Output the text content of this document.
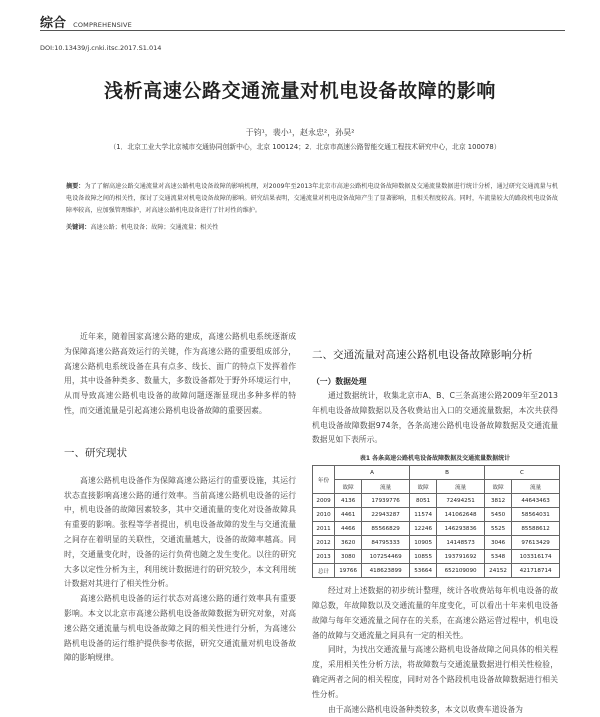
综合 COMPREHENSIVE
DOI:10.13439/j.cnki.itsc.2017.S1.014
浅析高速公路交通流量对机电设备故障的影响
于钧¹，裴小¹，赵永忠²，孙昊²
（1．北京工业大学北京城市交通协同创新中心，北京 100124；2．北京市高速公路智能交通工程技术研究中心，北京 100078）
摘要：为了了解高速公路交通流量对高速公路机电设备故障的影响机理，对2009年至2013年北京市高速公路机电设备故障数据及交通流量数据进行统计分析，通过研究交通流量与机电设备故障之间的相关性，探讨了交通流量对机电设备故障的影响。研究结果表明，交通流量对机电设备故障产生了显著影响，且相关程度较高。同时，车流量较大的路段机电设备故障率较高，应加强管理维护，对高速公路机电设备进行了针对性的维护。
关键词：高速公路；机电设备；故障；交通流量；相关性

近年来，随着国家高速公路的建成，高速公路机电系统逐渐成为保障高速公路高效运行的关键，作为高速公路的重要组成部分，高速公路机电系统设备在具有点多、线长、面广的特点下发挥着作用，其中设备种类多、数量大，多数设备都处于野外环境运行中，从而导致高速公路机电设备的故障问题逐渐显现出多种多样的特性，而交通流量是引起高速公路机电设备故障的重要因素。

一、研究现状

高速公路机电设备作为保障高速公路运行的重要设施，其运行状态直接影响高速公路的通行效率。当前高速公路机电设备的运行中，机电设备的故障因素较多，其中交通流量的变化对设备故障具有重要的影响。张程等学者提出，机电设备故障的发生与交通流量之间存在着明显的关联性，交通流量越大，设备的故障率越高。同时，交通量变化时，设备的运行负荷也随之发生变化。以往的研究大多以定性分析为主，利用统计数据进行的研究较少，本文利用统计数据对其进行了相关性分析。

高速公路机电设备的运行状态对高速公路的通行效率具有重要影响。本文以北京市高速公路机电设备故障数据为研究对象，对高速公路交通流量与机电设备故障之间的相关性进行分析，为高速公路机电设备的运行维护提供参考依据，研究交通流量对机电设备故障的影响规律。

二、交通流量对高速公路机电设备故障影响分析

（一）数据处理

通过数据统计，收集北京市A、B、C三条高速公路2009年至2013年机电设备故障数据以及各收费站出入口的交通流量数据，本次共获得机电设备故障数据974条，各条高速公路机电设备故障数据及交通流量数据见如下表所示。

表1 各条高速公路机电设备故障数据及交通流量数据统计
年份	A		B		C	
	故障	流量	故障	流量	故障	流量
2009	4136	17939776	8051	72494251	3812	44643463
2010	4461	22943287	11574	141062648	5450	58564031
2011	4466	85566829	12246	146293836	5525	85588612
2012	3620	84795333	10905	14148573	3046	97613429
2013	3080	107254469	10855	193791692	5348	103316174
总计	19766	418623899	53664	652109090	24152	421718714

经过对上述数据的初步统计整理，统计各收费站每年机电设备的故障总数，年故障数以及交通流量的年度变化，可以看出十年来机电设备故障与每年交通流量之间存在的关系，在高速公路运营过程中，机电设备的故障与交通流量之间具有一定的相关性。

同时，为找出交通流量与高速公路机电设备故障之间具体的相关程度，采用相关性分析方法，将故障数与交通流量数据进行相关性检验，确定两者之间的相关程度，同时对各个路段机电设备故障数据进行相关性分析。

由于高速公路机电设备种类较多，本文以收费车道设备为
